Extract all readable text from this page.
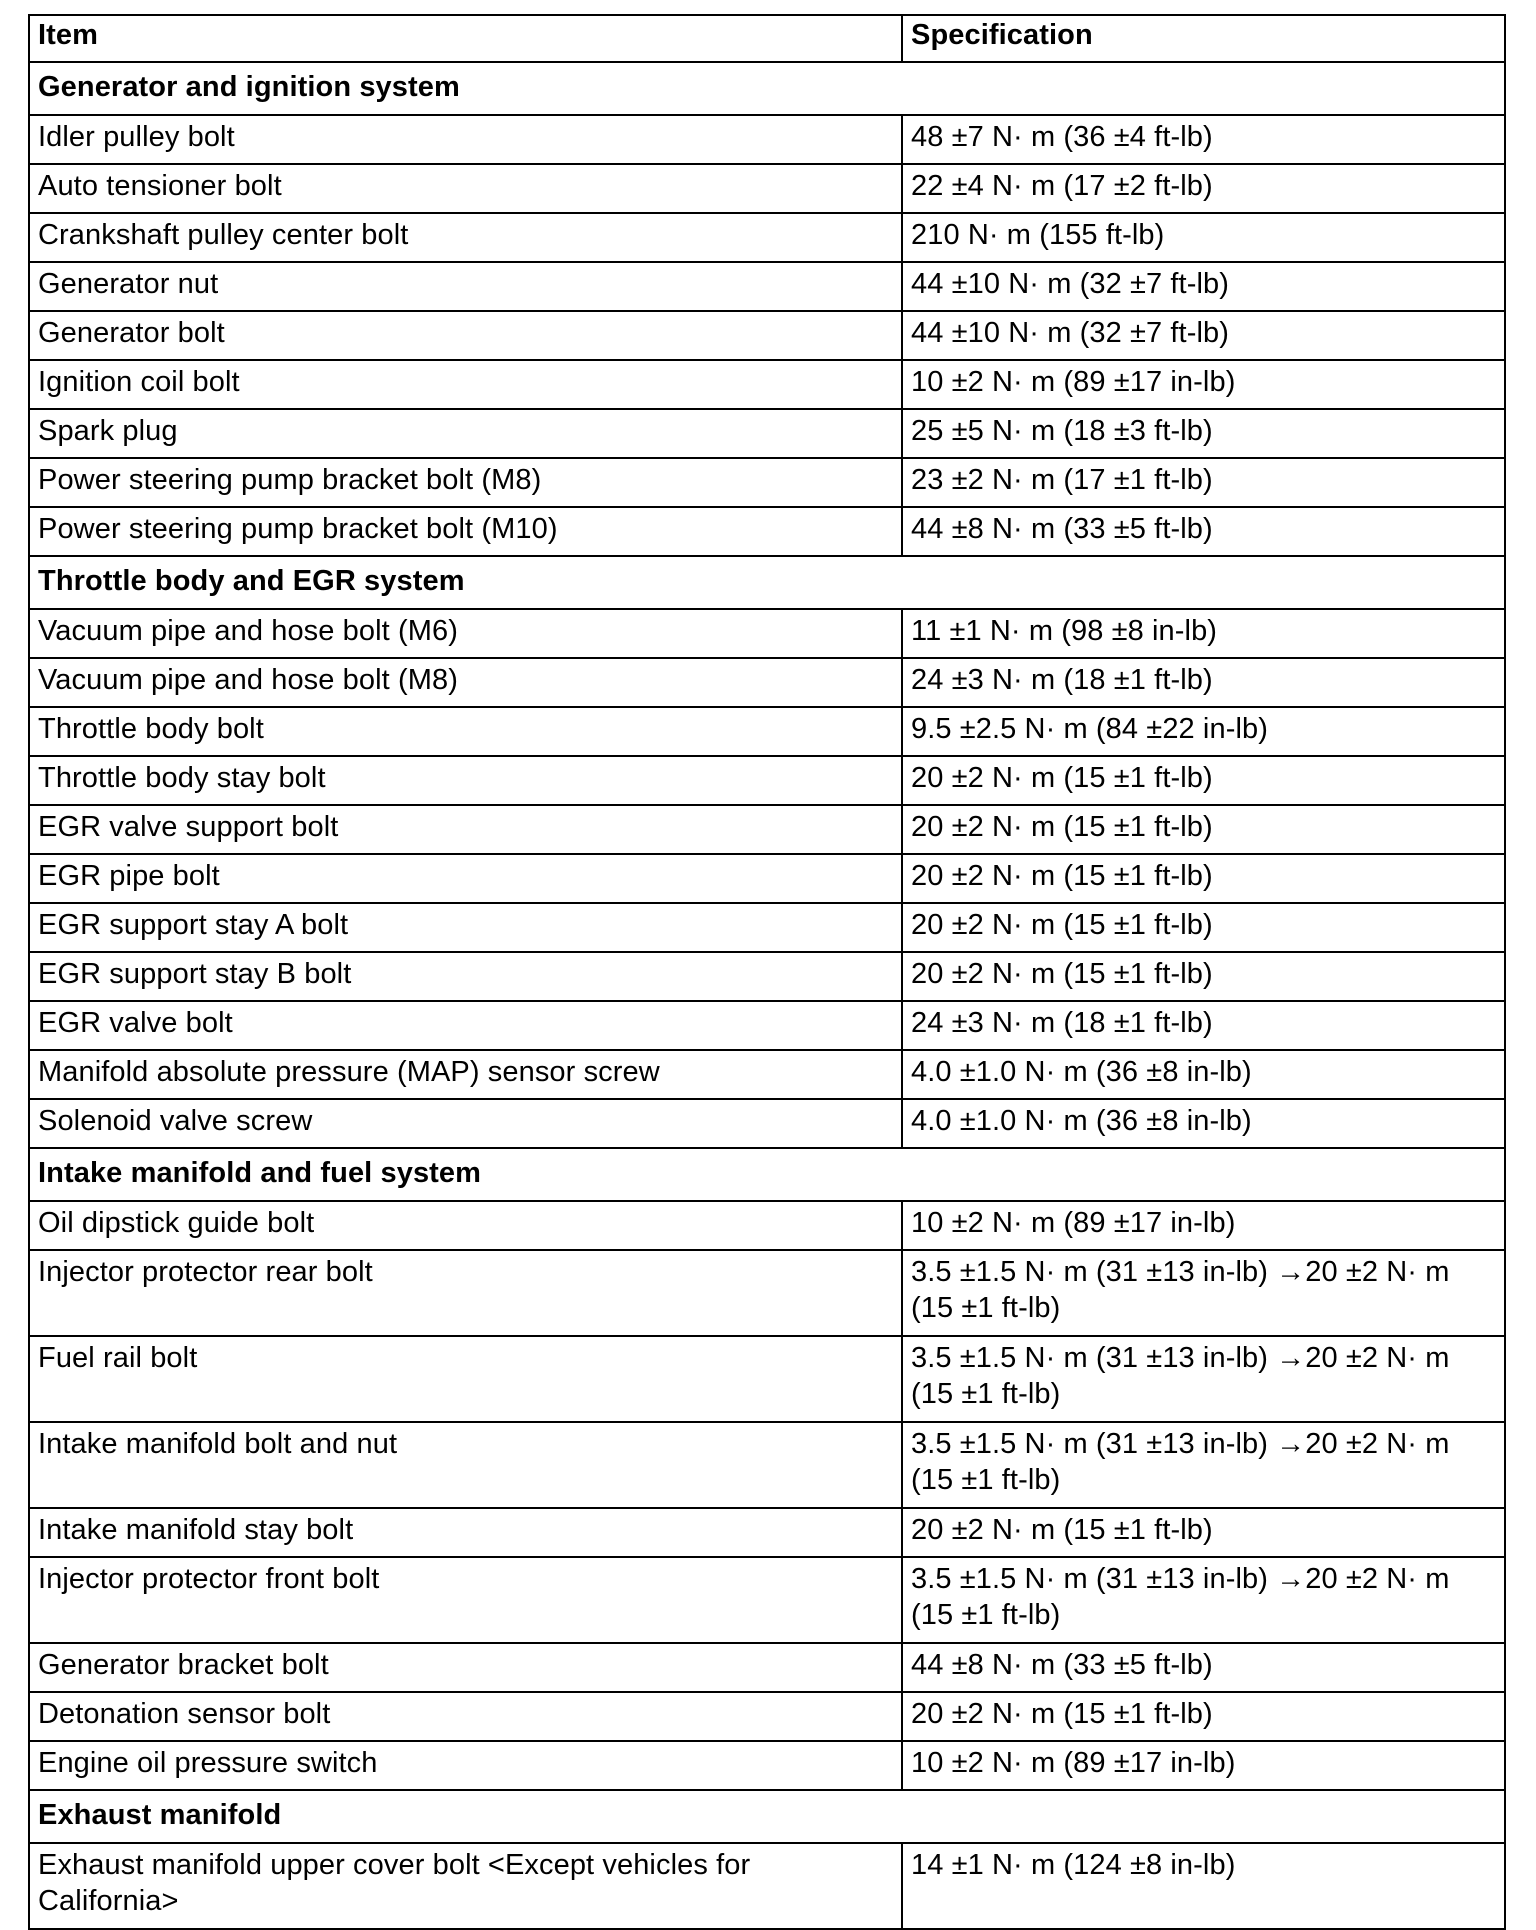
Item	Specification
Generator and ignition system	
Idler pulley bolt	48 ±7 N· m (36 ±4 ft-lb)
Auto tensioner bolt	22 ±4 N· m (17 ±2 ft-lb)
Crankshaft pulley center bolt	210 N· m (155 ft-lb)
Generator nut	44 ±10 N· m (32 ±7 ft-lb)
Generator bolt	44 ±10 N· m (32 ±7 ft-lb)
Ignition coil bolt	10 ±2 N· m (89 ±17 in-lb)
Spark plug	25 ±5 N· m (18 ±3 ft-lb)
Power steering pump bracket bolt (M8)	23 ±2 N· m (17 ±1 ft-lb)
Power steering pump bracket bolt (M10)	44 ±8 N· m (33 ±5 ft-lb)
Throttle body and EGR system	
Vacuum pipe and hose bolt (M6)	11 ±1 N· m (98 ±8 in-lb)
Vacuum pipe and hose bolt (M8)	24 ±3 N· m (18 ±1 ft-lb)
Throttle body bolt	9.5 ±2.5 N· m (84 ±22 in-lb)
Throttle body stay bolt	20 ±2 N· m (15 ±1 ft-lb)
EGR valve support bolt	20 ±2 N· m (15 ±1 ft-lb)
EGR pipe bolt	20 ±2 N· m (15 ±1 ft-lb)
EGR support stay A bolt	20 ±2 N· m (15 ±1 ft-lb)
EGR support stay B bolt	20 ±2 N· m (15 ±1 ft-lb)
EGR valve bolt	24 ±3 N· m (18 ±1 ft-lb)
Manifold absolute pressure (MAP) sensor screw	4.0 ±1.0 N· m (36 ±8 in-lb)
Solenoid valve screw	4.0 ±1.0 N· m (36 ±8 in-lb)
Intake manifold and fuel system	
Oil dipstick guide bolt	10 ±2 N· m (89 ±17 in-lb)
Injector protector rear bolt	3.5 ±1.5 N· m (31 ±13 in-lb) →20 ±2 N· m (15 ±1 ft-lb)
Fuel rail bolt	3.5 ±1.5 N· m (31 ±13 in-lb) →20 ±2 N· m (15 ±1 ft-lb)
Intake manifold bolt and nut	3.5 ±1.5 N· m (31 ±13 in-lb) →20 ±2 N· m (15 ±1 ft-lb)
Intake manifold stay bolt	20 ±2 N· m (15 ±1 ft-lb)
Injector protector front bolt	3.5 ±1.5 N· m (31 ±13 in-lb) →20 ±2 N· m (15 ±1 ft-lb)
Generator bracket bolt	44 ±8 N· m (33 ±5 ft-lb)
Detonation sensor bolt	20 ±2 N· m (15 ±1 ft-lb)
Engine oil pressure switch	10 ±2 N· m (89 ±17 in-lb)
Exhaust manifold	
Exhaust manifold upper cover bolt <Except vehicles for California>	14 ±1 N· m (124 ±8 in-lb)
